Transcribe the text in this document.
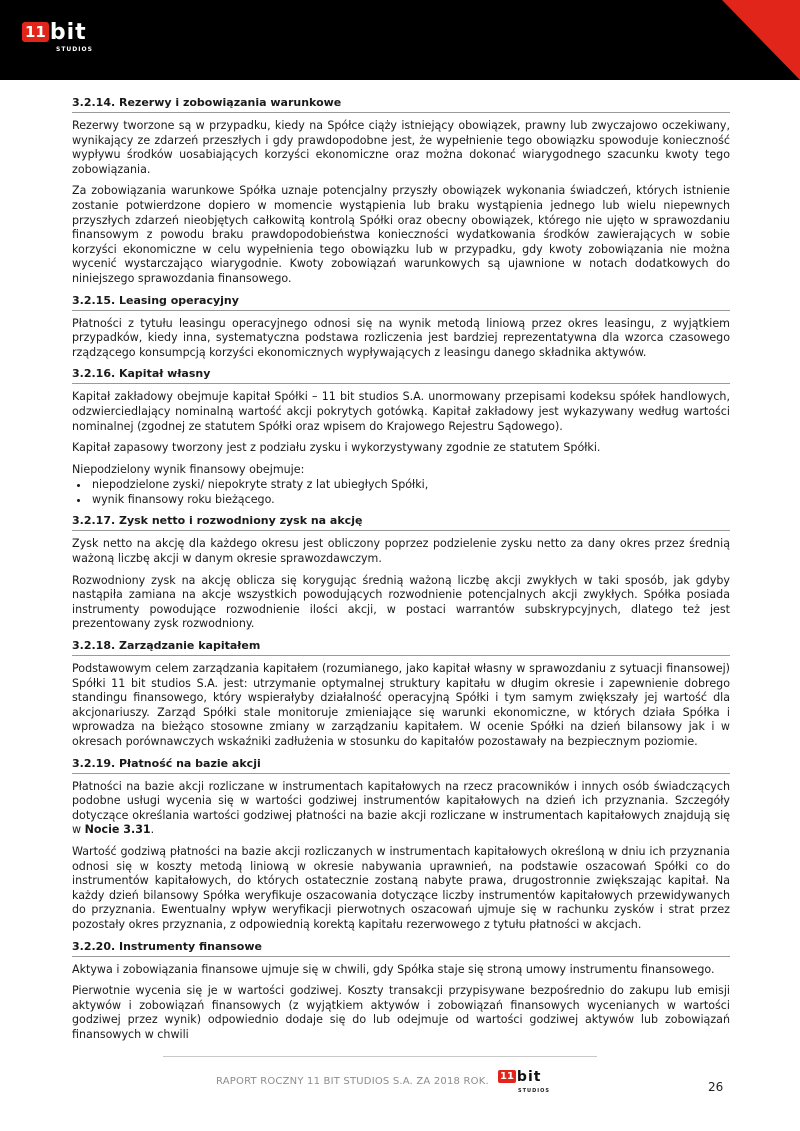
11 bit
STUDIOS
3.2.14. Rezerwy i zobowiązania warunkowe

Rezerwy tworzone są w przypadku, kiedy na Spółce ciąży istniejący obowiązek, prawny lub zwyczajowo oczekiwany, wynikający ze zdarzeń przeszłych i gdy prawdopodobne jest, że wypełnienie tego obowiązku spowoduje konieczność wypływu środków uosabiających korzyści ekonomiczne oraz można dokonać wiarygodnego szacunku kwoty tego zobowiązania.

Za zobowiązania warunkowe Spółka uznaje potencjalny przyszły obowiązek wykonania świadczeń, których istnienie zostanie potwierdzone dopiero w momencie wystąpienia lub braku wystąpienia jednego lub wielu niepewnych przyszłych zdarzeń nieobjętych całkowitą kontrolą Spółki oraz obecny obowiązek, którego nie ujęto w sprawozdaniu finansowym z powodu braku prawdopodobieństwa konieczności wydatkowania środków zawierających w sobie korzyści ekonomiczne w celu wypełnienia tego obowiązku lub w przypadku, gdy kwoty zobowiązania nie można wycenić wystarczająco wiarygodnie. Kwoty zobowiązań warunkowych są ujawnione w notach dodatkowych do niniejszego sprawozdania finansowego.

3.2.15. Leasing operacyjny

Płatności z tytułu leasingu operacyjnego odnosi się na wynik metodą liniową przez okres leasingu, z wyjątkiem przypadków, kiedy inna, systematyczna podstawa rozliczenia jest bardziej reprezentatywna dla wzorca czasowego rządzącego konsumpcją korzyści ekonomicznych wypływających z leasingu danego składnika aktywów.

3.2.16. Kapitał własny

Kapitał zakładowy obejmuje kapitał Spółki – 11 bit studios S.A. unormowany przepisami kodeksu spółek handlowych, odzwierciedlający nominalną wartość akcji pokrytych gotówką. Kapitał zakładowy jest wykazywany według wartości nominalnej (zgodnej ze statutem Spółki oraz wpisem do Krajowego Rejestru Sądowego).

Kapitał zapasowy tworzony jest z podziału zysku i wykorzystywany zgodnie ze statutem Spółki.

Niepodzielony wynik finansowy obejmuje:

• niepodzielone zyski/ niepokryte straty z lat ubiegłych Spółki,
• wynik finansowy roku bieżącego.
3.2.17. Zysk netto i rozwodniony zysk na akcję

Zysk netto na akcję dla każdego okresu jest obliczony poprzez podzielenie zysku netto za dany okres przez średnią ważoną liczbę akcji w danym okresie sprawozdawczym.

Rozwodniony zysk na akcję oblicza się korygując średnią ważoną liczbę akcji zwykłych w taki sposób, jak gdyby nastąpiła zamiana na akcje wszystkich powodujących rozwodnienie potencjalnych akcji zwykłych. Spółka posiada instrumenty powodujące rozwodnienie ilości akcji, w postaci warrantów subskrypcyjnych, dlatego też jest prezentowany zysk rozwodniony.

3.2.18. Zarządzanie kapitałem

Podstawowym celem zarządzania kapitałem (rozumianego, jako kapitał własny w sprawozdaniu z sytuacji finansowej) Spółki 11 bit studios S.A. jest: utrzymanie optymalnej struktury kapitału w długim okresie i zapewnienie dobrego standingu finansowego, który wspierałyby działalność operacyjną Spółki i tym samym zwiększały jej wartość dla akcjonariuszy. Zarząd Spółki stale monitoruje zmieniające się warunki ekonomiczne, w których działa Spółka i wprowadza na bieżąco stosowne zmiany w zarządzaniu kapitałem. W ocenie Spółki na dzień bilansowy jak i w okresach porównawczych wskaźniki zadłużenia w stosunku do kapitałów pozostawały na bezpiecznym poziomie.

3.2.19. Płatność na bazie akcji

Płatności na bazie akcji rozliczane w instrumentach kapitałowych na rzecz pracowników i innych osób świadczących podobne usługi wycenia się w wartości godziwej instrumentów kapitałowych na dzień ich przyznania. Szczegóły dotyczące określania wartości godziwej płatności na bazie akcji rozliczane w instrumentach kapitałowych znajdują się w Nocie 3.31.

Wartość godziwą płatności na bazie akcji rozliczanych w instrumentach kapitałowych określoną w dniu ich przyznania odnosi się w koszty metodą liniową w okresie nabywania uprawnień, na podstawie oszacowań Spółki co do instrumentów kapitałowych, do których ostatecznie zostaną nabyte prawa, drugostronnie zwiększając kapitał. Na każdy dzień bilansowy Spółka weryfikuje oszacowania dotyczące liczby instrumentów kapitałowych przewidywanych do przyznania. Ewentualny wpływ weryfikacji pierwotnych oszacowań ujmuje się w rachunku zysków i strat przez pozostały okres przyznania, z odpowiednią korektą kapitału rezerwowego z tytułu płatności w akcjach.

3.2.20. Instrumenty finansowe

Aktywa i zobowiązania finansowe ujmuje się w chwili, gdy Spółka staje się stroną umowy instrumentu finansowego.

Pierwotnie wycenia się je w wartości godziwej. Koszty transakcji przypisywane bezpośrednio do zakupu lub emisji aktywów i zobowiązań finansowych (z wyjątkiem aktywów i zobowiązań finansowych wycenianych w wartości godziwej przez wynik) odpowiednio dodaje się do lub odejmuje od wartości godziwej aktywów lub zobowiązań finansowych w chwili

RAPORT ROCZNY 11 BIT STUDIOS S.A. ZA 2018 ROK.	11 bit
STUDIOS	26
